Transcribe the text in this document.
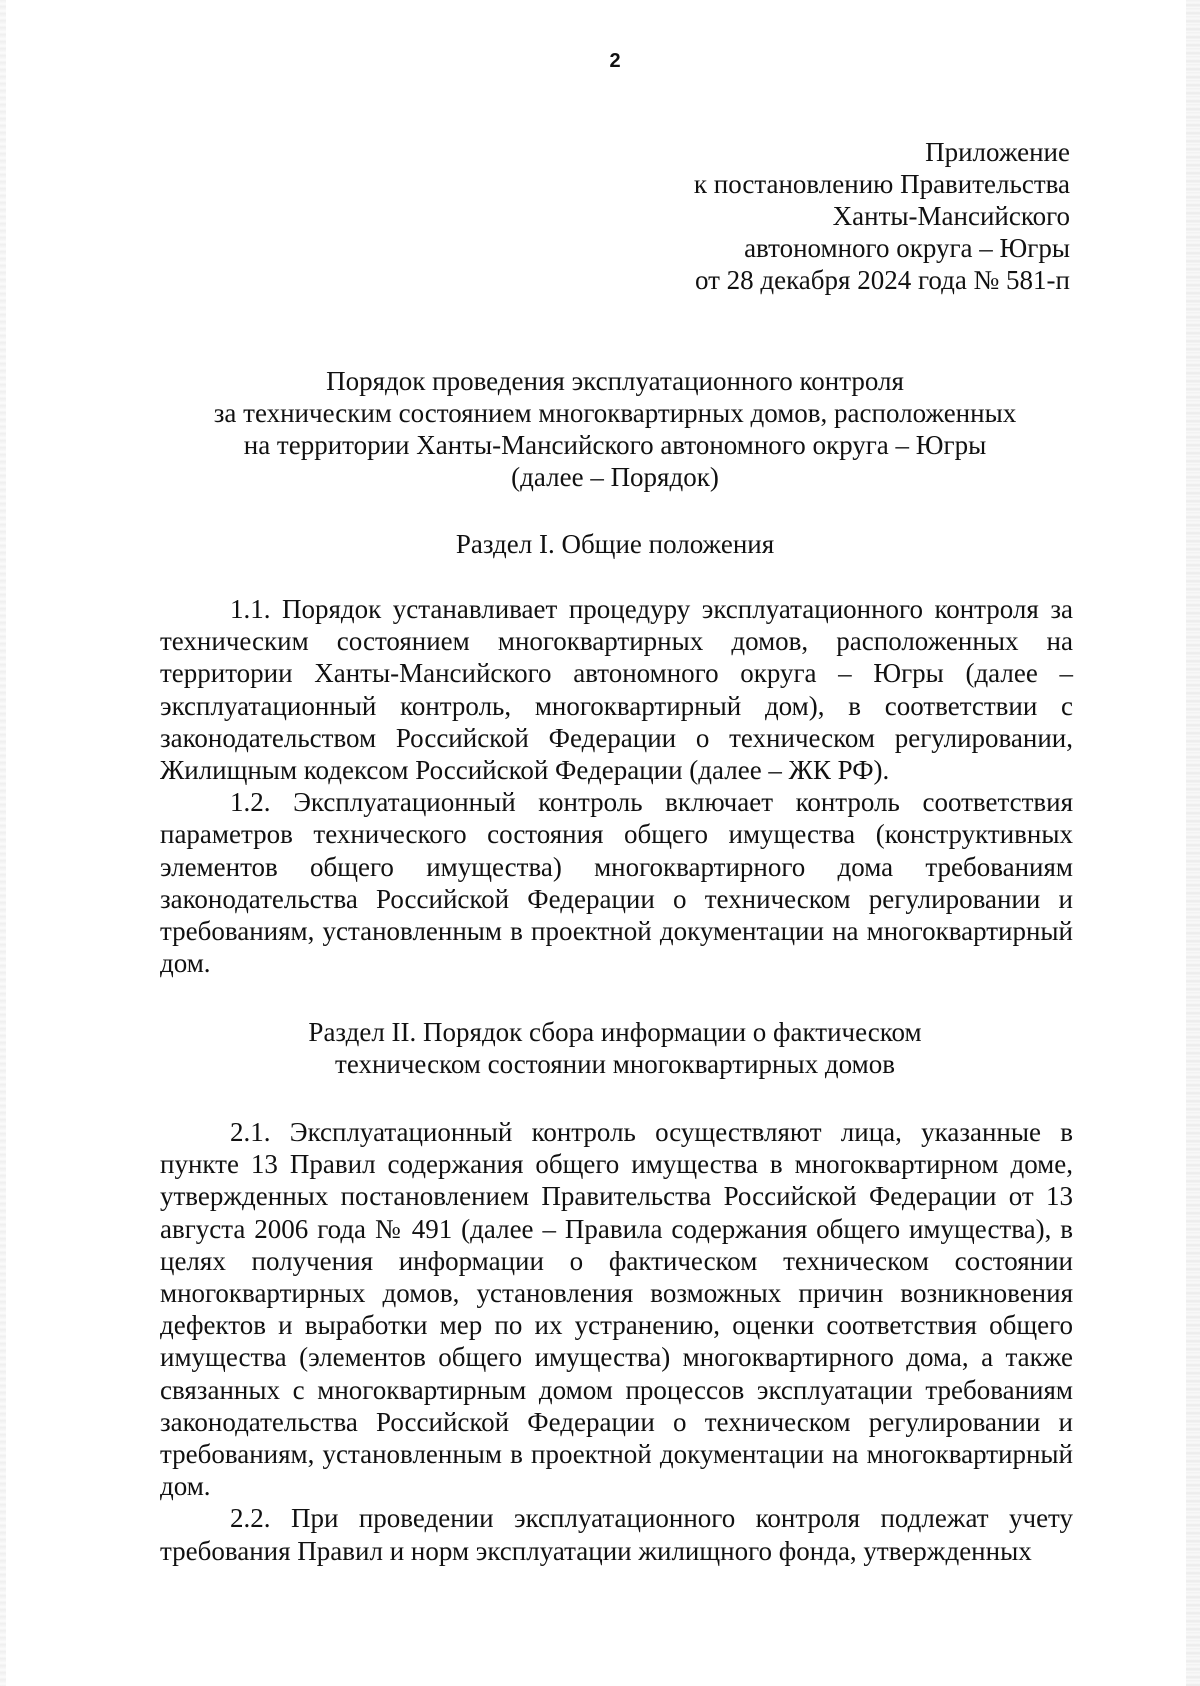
2
Приложение
к постановлению Правительства
Ханты-Мансийского
автономного округа – Югры
от 28 декабря 2024 года № 581-п
Порядок проведения эксплуатационного контроля
за техническим состоянием многоквартирных домов, расположенных
на территории Ханты-Мансийского автономного округа – Югры
(далее – Порядок)
Раздел I. Общие положения

1.1. Порядок устанавливает процедуру эксплуатационного контроля за техническим состоянием многоквартирных домов, расположенных на территории Ханты-Мансийского автономного округа – Югры (далее – эксплуатационный контроль, многоквартирный дом), в соответствии с законодательством Российской Федерации о техническом регулировании, Жилищным кодексом Российской Федерации (далее – ЖК РФ).

1.2. Эксплуатационный контроль включает контроль соответствия параметров технического состояния общего имущества (конструктивных элементов общего имущества) многоквартирного дома требованиям законодательства Российской Федерации о техническом регулировании и требованиям, установленным в проектной документации на многоквартирный дом.

Раздел II. Порядок сбора информации о фактическом
техническом состоянии многоквартирных домов

2.1. Эксплуатационный контроль осуществляют лица, указанные в пункте 13 Правил содержания общего имущества в многоквартирном доме, утвержденных постановлением Правительства Российской Федерации от 13 августа 2006 года № 491 (далее – Правила содержания общего имущества), в целях получения информации о фактическом техническом состоянии многоквартирных домов, установления возможных причин возникновения дефектов и выработки мер по их устранению, оценки соответствия общего имущества (элементов общего имущества) многоквартирного дома, а также связанных с многоквартирным домом процессов эксплуатации требованиям законодательства Российской Федерации о техническом регулировании и требованиям, установленным в проектной документации на многоквартирный дом.

2.2. При проведении эксплуатационного контроля подлежат учету требования Правил и норм эксплуатации жилищного фонда, утвержденных
